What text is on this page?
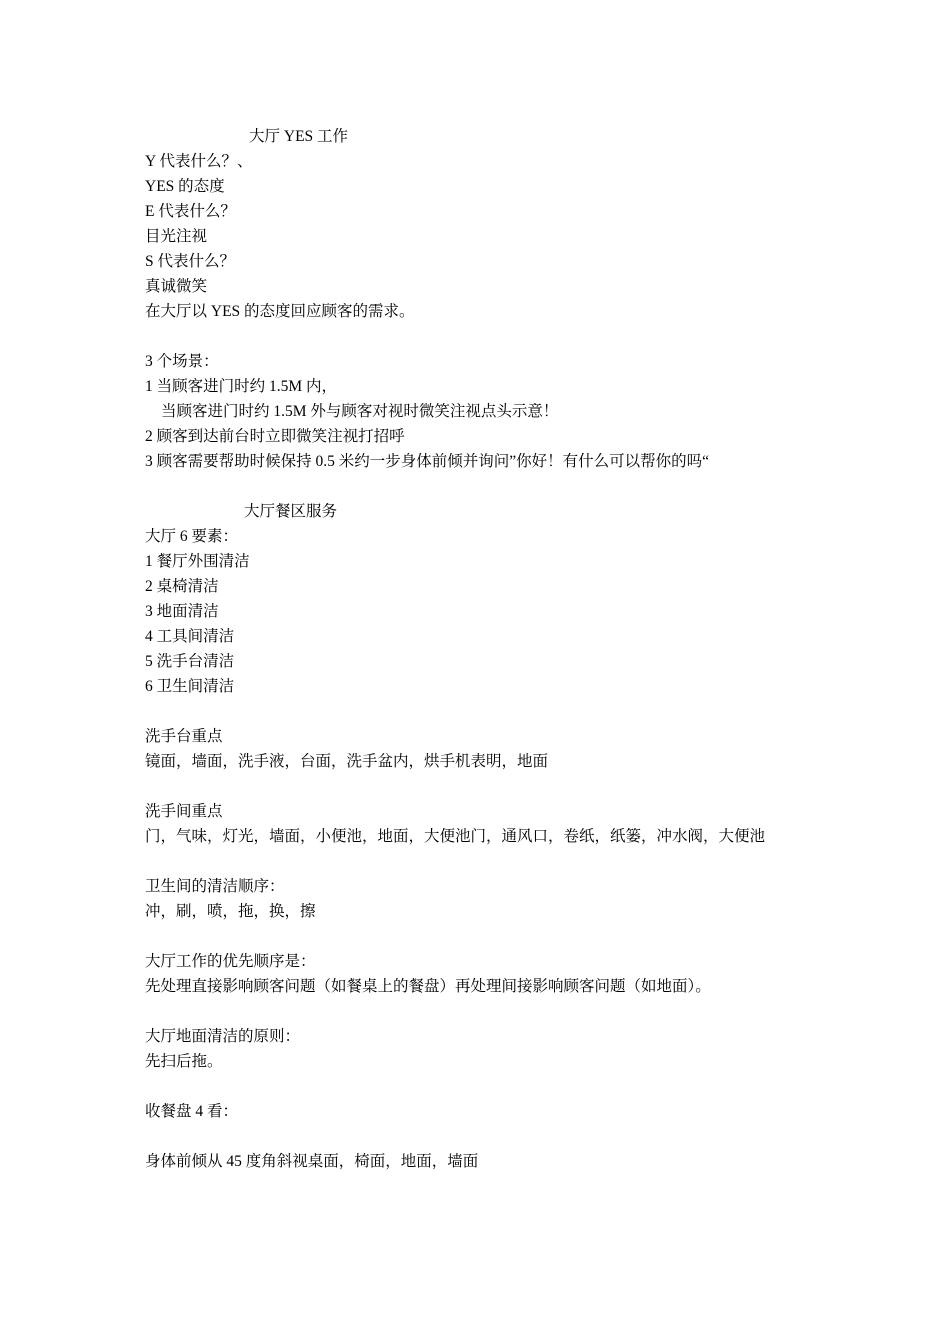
大厅 YES 工作
Y 代表什么？、
YES 的态度
E 代表什么？
目光注视
S 代表什么？
真诚微笑
在大厅以 YES 的态度回应顾客的需求。
3 个场景：
1 当顾客进门时约 1.5M 内，
当顾客进门时约 1.5M 外与顾客对视时微笑注视点头示意！
2 顾客到达前台时立即微笑注视打招呼
3 顾客需要帮助时候保持 0.5 米约一步身体前倾并询问”你好！有什么可以帮你的吗“
大厅餐区服务
大厅 6 要素：
1 餐厅外围清洁
2 桌椅清洁
3 地面清洁
4 工具间清洁
5 洗手台清洁
6 卫生间清洁
洗手台重点
镜面，墙面，洗手液，台面，洗手盆内，烘手机表明，地面
洗手间重点
门，气味，灯光，墙面，小便池，地面，大便池门，通风口，卷纸，纸篓，冲水阀，大便池
卫生间的清洁顺序：
冲，刷，喷，拖，换，擦
大厅工作的优先顺序是：
先处理直接影响顾客问题（如餐桌上的餐盘）再处理间接影响顾客问题（如地面）。
大厅地面清洁的原则：
先扫后拖。
收餐盘 4 看：
身体前倾从 45 度角斜视桌面，椅面，地面，墙面
